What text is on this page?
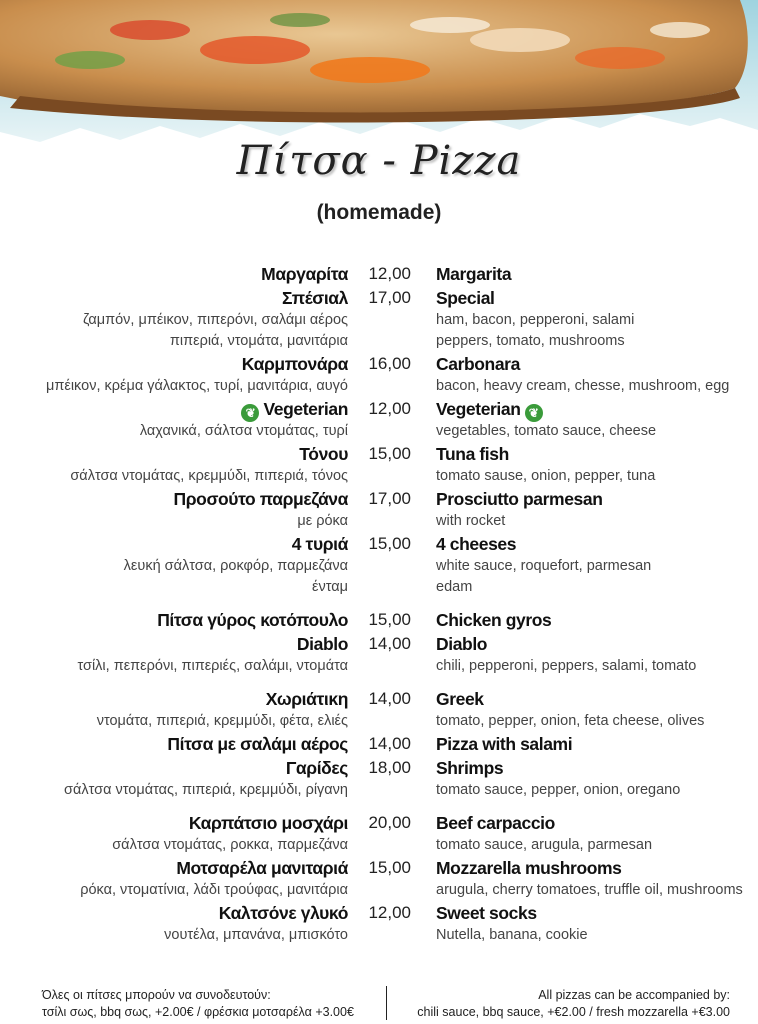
Πίτσα - Pizza
(homemade)
Μαργαρίτα	12,00 Margarita
Σπέσιαλ	17,00 Special
ζαμπόν, μπέικον, πιπερόνι, σαλάμι αέρος	ham, bacon, pepperoni, salami
πιπεριά, ντομάτα, μανιτάρια	peppers, tomato, mushrooms
Καρμπονάρα	16,00 Carbonara
μπέικον, κρέμα γάλακτος, τυρί, μανιτάρια, αυγό	bacon, heavy cream, chesse, mushroom, egg
❦ Vegeterian	12,00 Vegeterian ❦
λαχανικά, σάλτσα ντομάτας, τυρί	vegetables, tomato sauce, cheese
Τόνου	15,00 Tuna fish
σάλτσα ντομάτας, κρεμμύδι, πιπεριά, τόνος	tomato sause, onion, pepper, tuna
Προσούτο παρμεζάνα	17,00 Prosciutto parmesan
με ρόκα	with rocket
4 τυριά	15,00 4 cheeses
λευκή σάλτσα, ροκφόρ, παρμεζάνα	white sauce, roquefort, parmesan
ένταμ	edam
Πίτσα γύρος κοτόπουλο	15,00 Chicken gyros
Diablo	14,00 Diablo
τσίλι, πεπερόνι, πιπεριές, σαλάμι, ντομάτα	chili, pepperoni, peppers, salami, tomato
Χωριάτικη	14,00 Greek
ντομάτα, πιπεριά, κρεμμύδι, φέτα, ελιές	tomato, pepper, onion, feta cheese, olives
Πίτσα με σαλάμι αέρος	14,00 Pizza with salami
Γαρίδες	18,00 Shrimps
σάλτσα ντομάτας, πιπεριά, κρεμμύδι, ρίγανη	tomato sauce, pepper, onion, oregano
Καρπάτσιο μοσχάρι	20,00 Beef carpaccio
σάλτσα ντομάτας, ροκκα, παρμεζάνα	tomato sauce, arugula, parmesan
Μοτσαρέλα μανιταριά	15,00 Mozzarella mushrooms
ρόκα, ντοματίνια, λάδι τρούφας, μανιτάρια	arugula, cherry tomatoes, truffle oil, mushrooms
Καλτσόνε γλυκό	12,00 Sweet socks
νουτέλα, μπανάνα, μπισκότο	Nutella, banana, cookie
Όλες οι πίτσες μπορούν να συνοδευτούν:
τσίλι σως, bbq σως, +2.00€ / φρέσκια μοτσαρέλα +3.00€
All pizzas can be accompanied by:
chili sauce, bbq sauce, +€2.00 / fresh mozzarella +€3.00
